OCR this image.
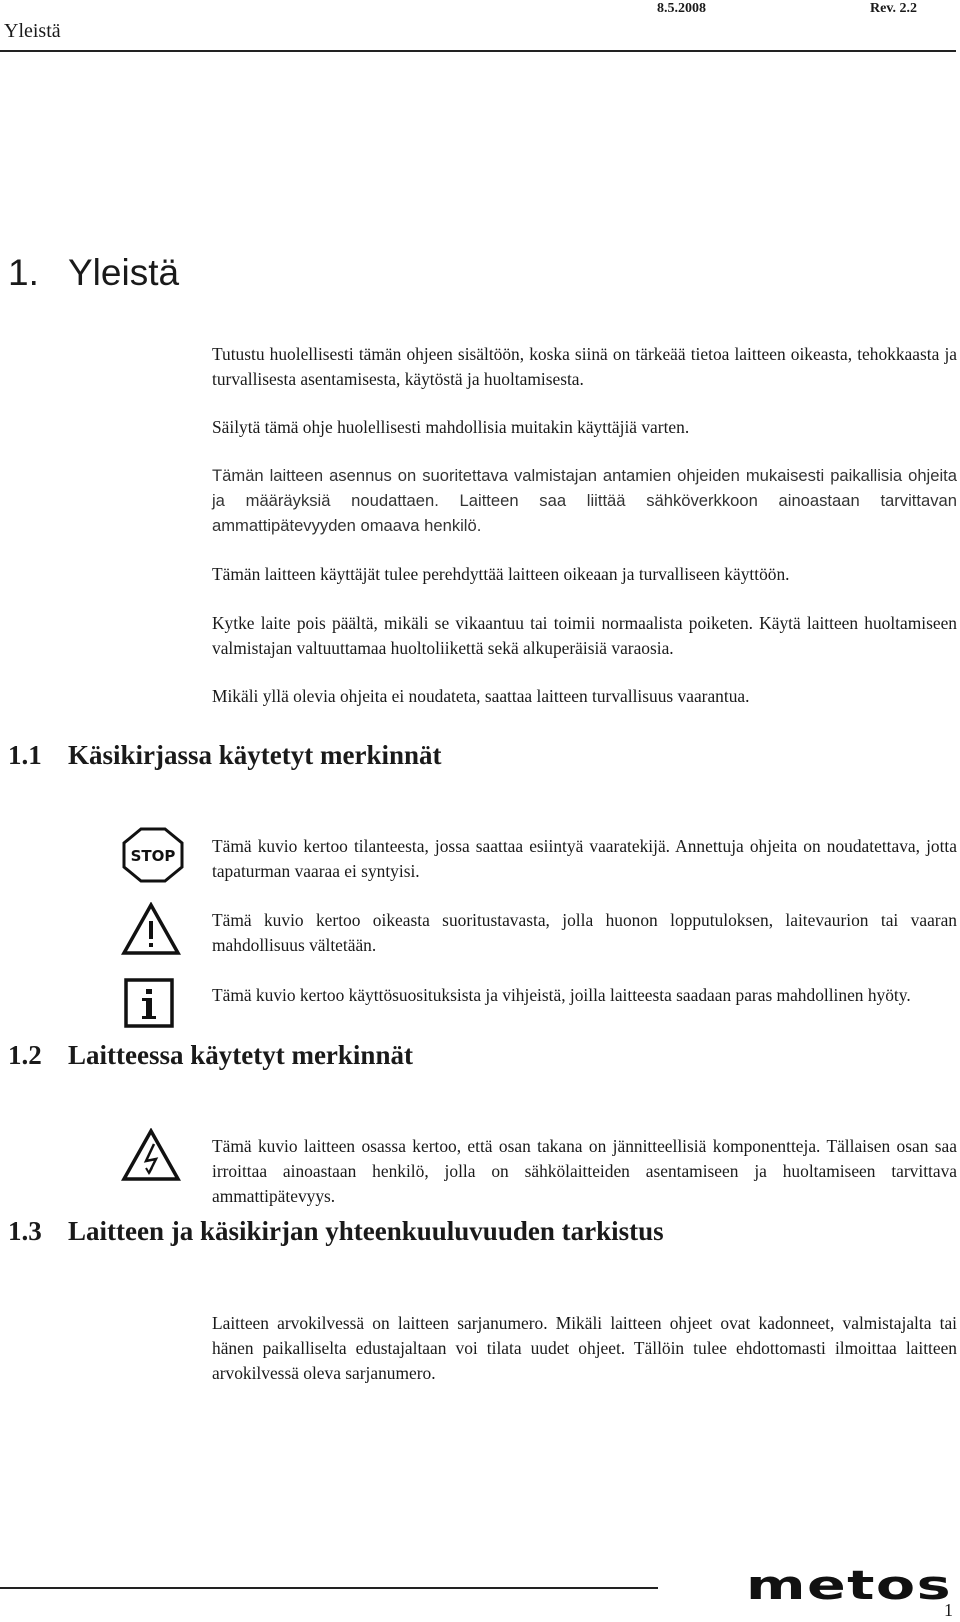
Yleistä
8.5.2008	Rev. 2.2
1. Yleistä
Tutustu huolellisesti tämän ohjeen sisältöön, koska siinä on tärkeää tietoa laitteen oikeasta, tehokkaasta ja turvallisesta asentamisesta, käytöstä ja huoltamisesta.
Säilytä tämä ohje huolellisesti mahdollisia muitakin käyttäjiä varten.
Tämän laitteen asennus on suoritettava valmistajan antamien ohjeiden mukaisesti paikallisia ohjeita ja määräyksiä noudattaen. Laitteen saa liittää sähköverkkoon ainoastaan tarvittavan ammattipätevyyden omaava henkilö.
Tämän laitteen käyttäjät tulee perehdyttää laitteen oikeaan ja turvalliseen käyttöön.
Kytke laite pois päältä, mikäli se vikaantuu tai toimii normaalista poiketen. Käytä laitteen huoltamiseen valmistajan valtuuttamaa huoltoliikettä sekä alkuperäisiä varaosia.
Mikäli yllä olevia ohjeita ei noudateta, saattaa laitteen turvallisuus vaarantua.
1.1 Käsikirjassa käytetyt merkinnät
STOP Tämä kuvio kertoo tilanteesta, jossa saattaa esiintyä vaaratekijä. Annettuja ohjeita on noudatettava, jotta tapaturman vaaraa ei syntyisi.
Tämä kuvio kertoo oikeasta suoritustavasta, jolla huonon lopputuloksen, laitevaurion tai vaaran mahdollisuus vältetään.
Tämä kuvio kertoo käyttösuosituksista ja vihjeistä, joilla laitteesta saadaan paras mahdollinen hyöty.
1.2 Laitteessa käytetyt merkinnät
Tämä kuvio laitteen osassa kertoo, että osan takana on jännitteellisiä komponentteja. Tällaisen osan saa irroittaa ainoastaan henkilö, jolla on sähkölaitteiden asentamiseen ja huoltamiseen tarvittava ammattipätevyys.
1.3 Laitteen ja käsikirjan yhteenkuuluvuuden tarkistus
Laitteen arvokilvessä on laitteen sarjanumero. Mikäli laitteen ohjeet ovat kadonneet, valmistajalta tai hänen paikalliselta edustajaltaan voi tilata uudet ohjeet. Tällöin tulee ehdottomasti ilmoittaa laitteen arvokilvessä oleva sarjanumero.
metos
1
